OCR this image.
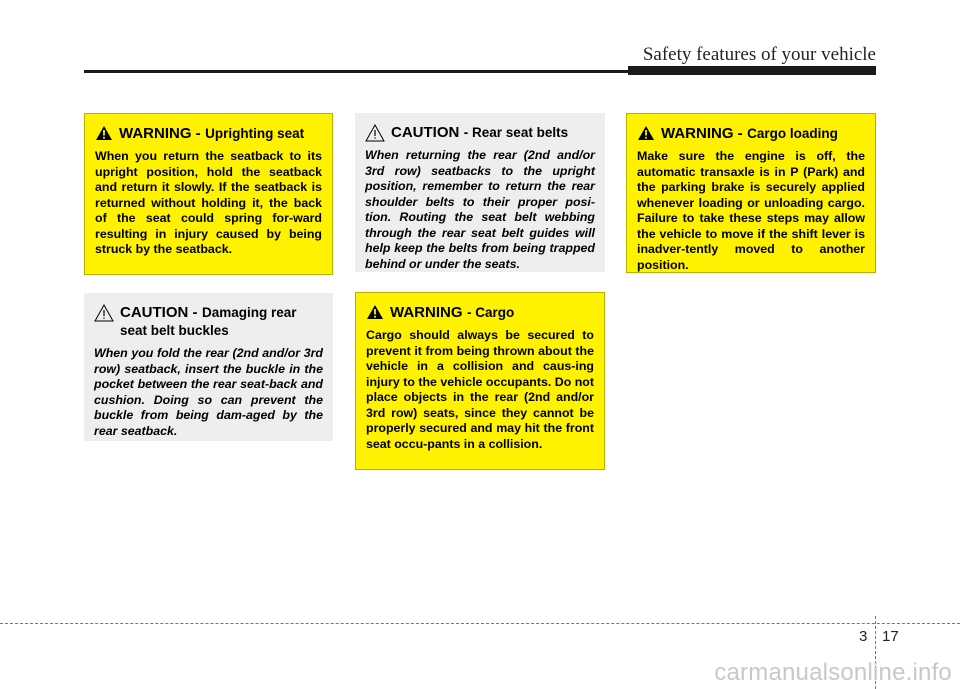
Safety features of your vehicle
WARNING - Uprighting seat
When you return the seatback to its upright position, hold the seatback and return it slowly. If the seatback is returned without holding it, the back of the seat could spring for-ward resulting in injury caused by being struck by the seatback.
CAUTION - Damaging rear seat belt buckles
When you fold the rear (2nd and/or 3rd row) seatback, insert the buckle in the pocket between the rear seat-back and cushion. Doing so can prevent the buckle from being dam-aged by the rear seatback.
CAUTION - Rear seat belts
When returning the rear (2nd and/or 3rd row) seatbacks to the upright position, remember to return the rear shoulder belts to their proper posi-tion. Routing the seat belt webbing through the rear seat belt guides will help keep the belts from being trapped behind or under the seats.
WARNING - Cargo
Cargo should always be secured to prevent it from being thrown about the vehicle in a collision and caus-ing injury to the vehicle occupants. Do not place objects in the rear (2nd and/or 3rd row) seats, since they cannot be properly secured and may hit the front seat occu-pants in a collision.
WARNING - Cargo loading
Make sure the engine is off, the automatic transaxle is in P (Park) and the parking brake is securely applied whenever loading or unloading cargo. Failure to take these steps may allow the vehicle to move if the shift lever is inadver-tently moved to another position.
3 17
carmanualsonline.info
